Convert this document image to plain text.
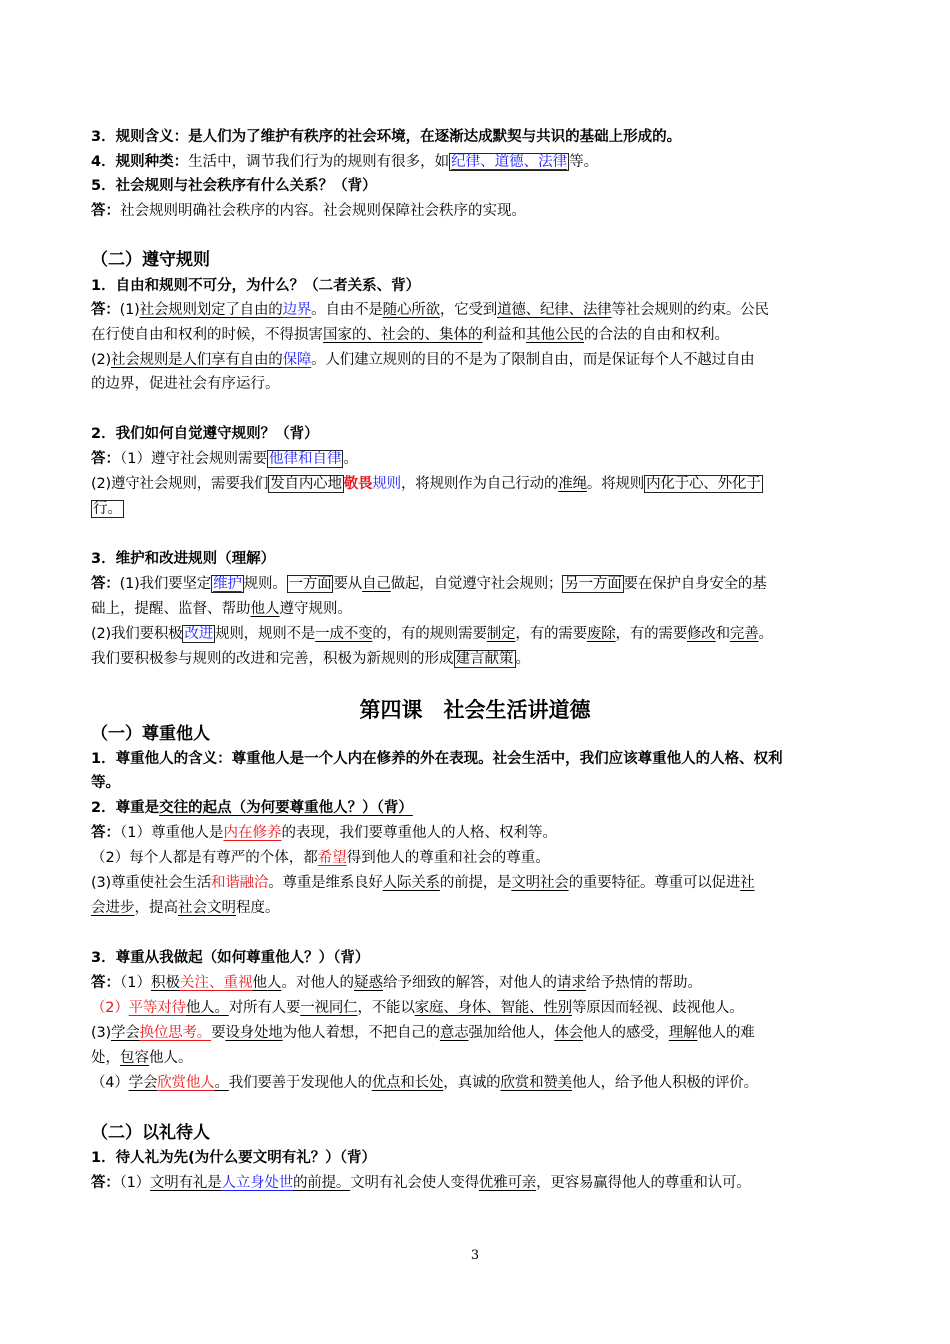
3．规则含义：是人们为了维护有秩序的社会环境，在逐渐达成默契与共识的基础上形成的。
4．规则种类：生活中，调节我们行为的规则有很多，如 纪律、道德、法律 等。
5．社会规则与社会秩序有什么关系？（背）
答：社会规则明确社会秩序的内容。社会规则保障社会秩序的实现。
（二）遵守规则
1．自由和规则不可分，为什么？（二者关系、背）
答：(1)社会规则划定了自由的边界。自由不是随心所欲，它受到道德、纪律、法律等社会规则的约束。公民
在行使自由和权利的时候，不得损害国家的、社会的、集体的利益和其他公民的合法的自由和权利。
(2)社会规则是人们享有自由的保障。人们建立规则的目的不是为了限制自由，而是保证每个人不越过自由
的边界，促进社会有序运行。
2．我们如何自觉遵守规则？（背）
答：（1）遵守社会规则需要 他律和自律 。
(2)遵守社会规则，需要我们 发自内心地 敬畏规则，将规则作为自己行动的准绳。将规则 内化于心、外化于
行。
3．维护和改进规则（理解）
答：(1)我们要坚定 维护 规则。 一方面 要从自己做起，自觉遵守社会规则； 另一方面 要在保护自身安全的基
础上，提醒、监督、帮助他人遵守规则。
(2)我们要积极 改进 规则，规则不是一成不变的，有的规则需要制定，有的需要废除，有的需要修改和完善。
我们要积极参与规则的改进和完善，积极为新规则的形成 建言献策 。
第四课　社会生活讲道德
（一）尊重他人
1．尊重他人的含义：尊重他人是一个人内在修养的外在表现。社会生活中，我们应该尊重他人的人格、权利
等。
2．尊重是交往的起点（为何要尊重他人？）（背）
答：（1）尊重他人是内在修养的表现，我们要尊重他人的人格、权利等。
（2）每个人都是有尊严的个体，都希望得到他人的尊重和社会的尊重。
(3)尊重使社会生活和谐融洽。尊重是维系良好人际关系的前提，是文明社会的重要特征。尊重可以促进社
会进步，提高社会文明程度。
3．尊重从我做起（如何尊重他人？）（背）
答：（1）积极关注、重视他人。对他人的疑惑给予细致的解答，对他人的请求给予热情的帮助。
（2）平等对待他人。对所有人要一视同仁，不能以家庭、身体、智能、性别等原因而轻视、歧视他人。
(3)学会换位思考。要设身处地为他人着想，不把自己的意志强加给他人，体会他人的感受，理解他人的难
处，包容他人。
（4）学会欣赏他人。我们要善于发现他人的优点和长处，真诚的欣赏和赞美他人，给予他人积极的评价。
（二）以礼待人
1．待人礼为先(为什么要文明有礼？）（背）
答：（1）文明有礼是人立身处世的前提。文明有礼会使人变得优雅可亲，更容易赢得他人的尊重和认可。
3
